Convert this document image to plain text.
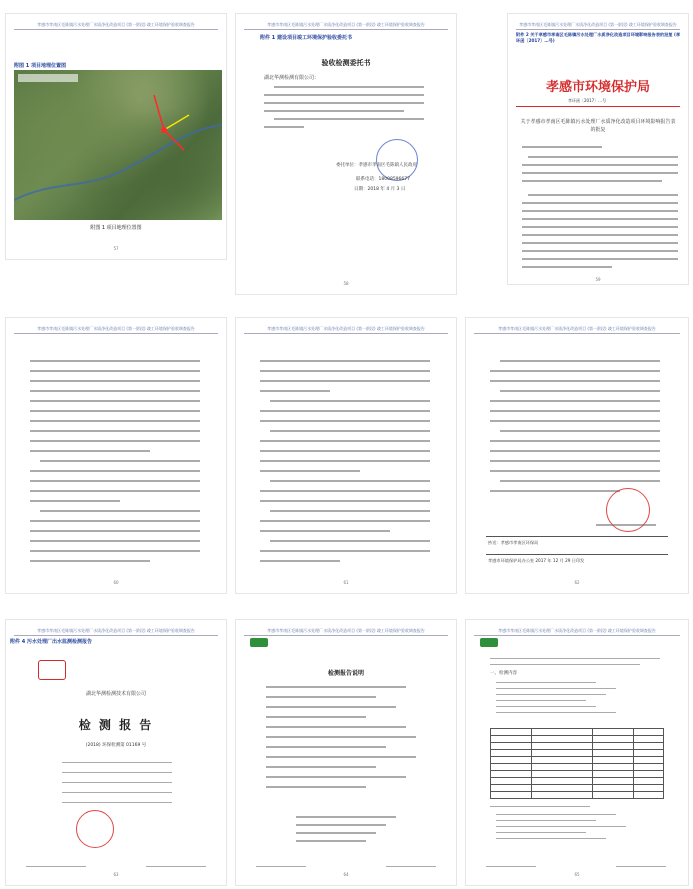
孝感市孝南区毛陈镇污水处理厂水质净化改造项目 (第一阶段) 竣工环境保护验收调查报告
附图 1 项目地理位置图
附图 1 项目地理位置图
57
孝感市孝南区毛陈镇污水处理厂水质净化改造项目 (第一阶段) 竣工环境保护验收调查报告
附件 1 建设项目竣工环境保护验收委托书
验收检测委托书
湖北华测检测有限公司：
委托单位：孝感市孝南区毛陈镇人民政府
联系电话：18008596677
日期：2018 年 4 月 3 日
58
孝感市孝南区毛陈镇污水处理厂水质净化改造项目 (第一阶段) 竣工环境保护验收调查报告
附件 2 关于孝感市孝南区毛陈镇污水处理厂水质净化改造项目环境影响报告表的批复 (孝环函〔2017〕…号)
孝感市环境保护局
孝环函〔2017〕…号
关于孝感市孝南区毛陈镇污水处理厂水质净化改造项目环境影响报告表的批复
59
孝感市孝南区毛陈镇污水处理厂水质净化改造项目 (第一阶段) 竣工环境保护验收调查报告
60
孝感市孝南区毛陈镇污水处理厂水质净化改造项目 (第一阶段) 竣工环境保护验收调查报告
61
孝感市孝南区毛陈镇污水处理厂水质净化改造项目 (第一阶段) 竣工环境保护验收调查报告
抄送：孝感市孝南区环保局
孝感市环境保护局办公室 2017 年 12 月 29 日印发
62
孝感市孝南区毛陈镇污水处理厂水质净化改造项目 (第一阶段) 竣工环境保护验收调查报告
附件 4 污水处理厂出水监测检测报告
湖北华测检测技术有限公司
检 测 报 告
(2018) 环保检测第 01169 号
63
孝感市孝南区毛陈镇污水处理厂水质净化改造项目 (第一阶段) 竣工环境保护验收调查报告
检测报告说明
64
孝感市孝南区毛陈镇污水处理厂水质净化改造项目 (第一阶段) 竣工环境保护验收调查报告
一、检测内容

65
